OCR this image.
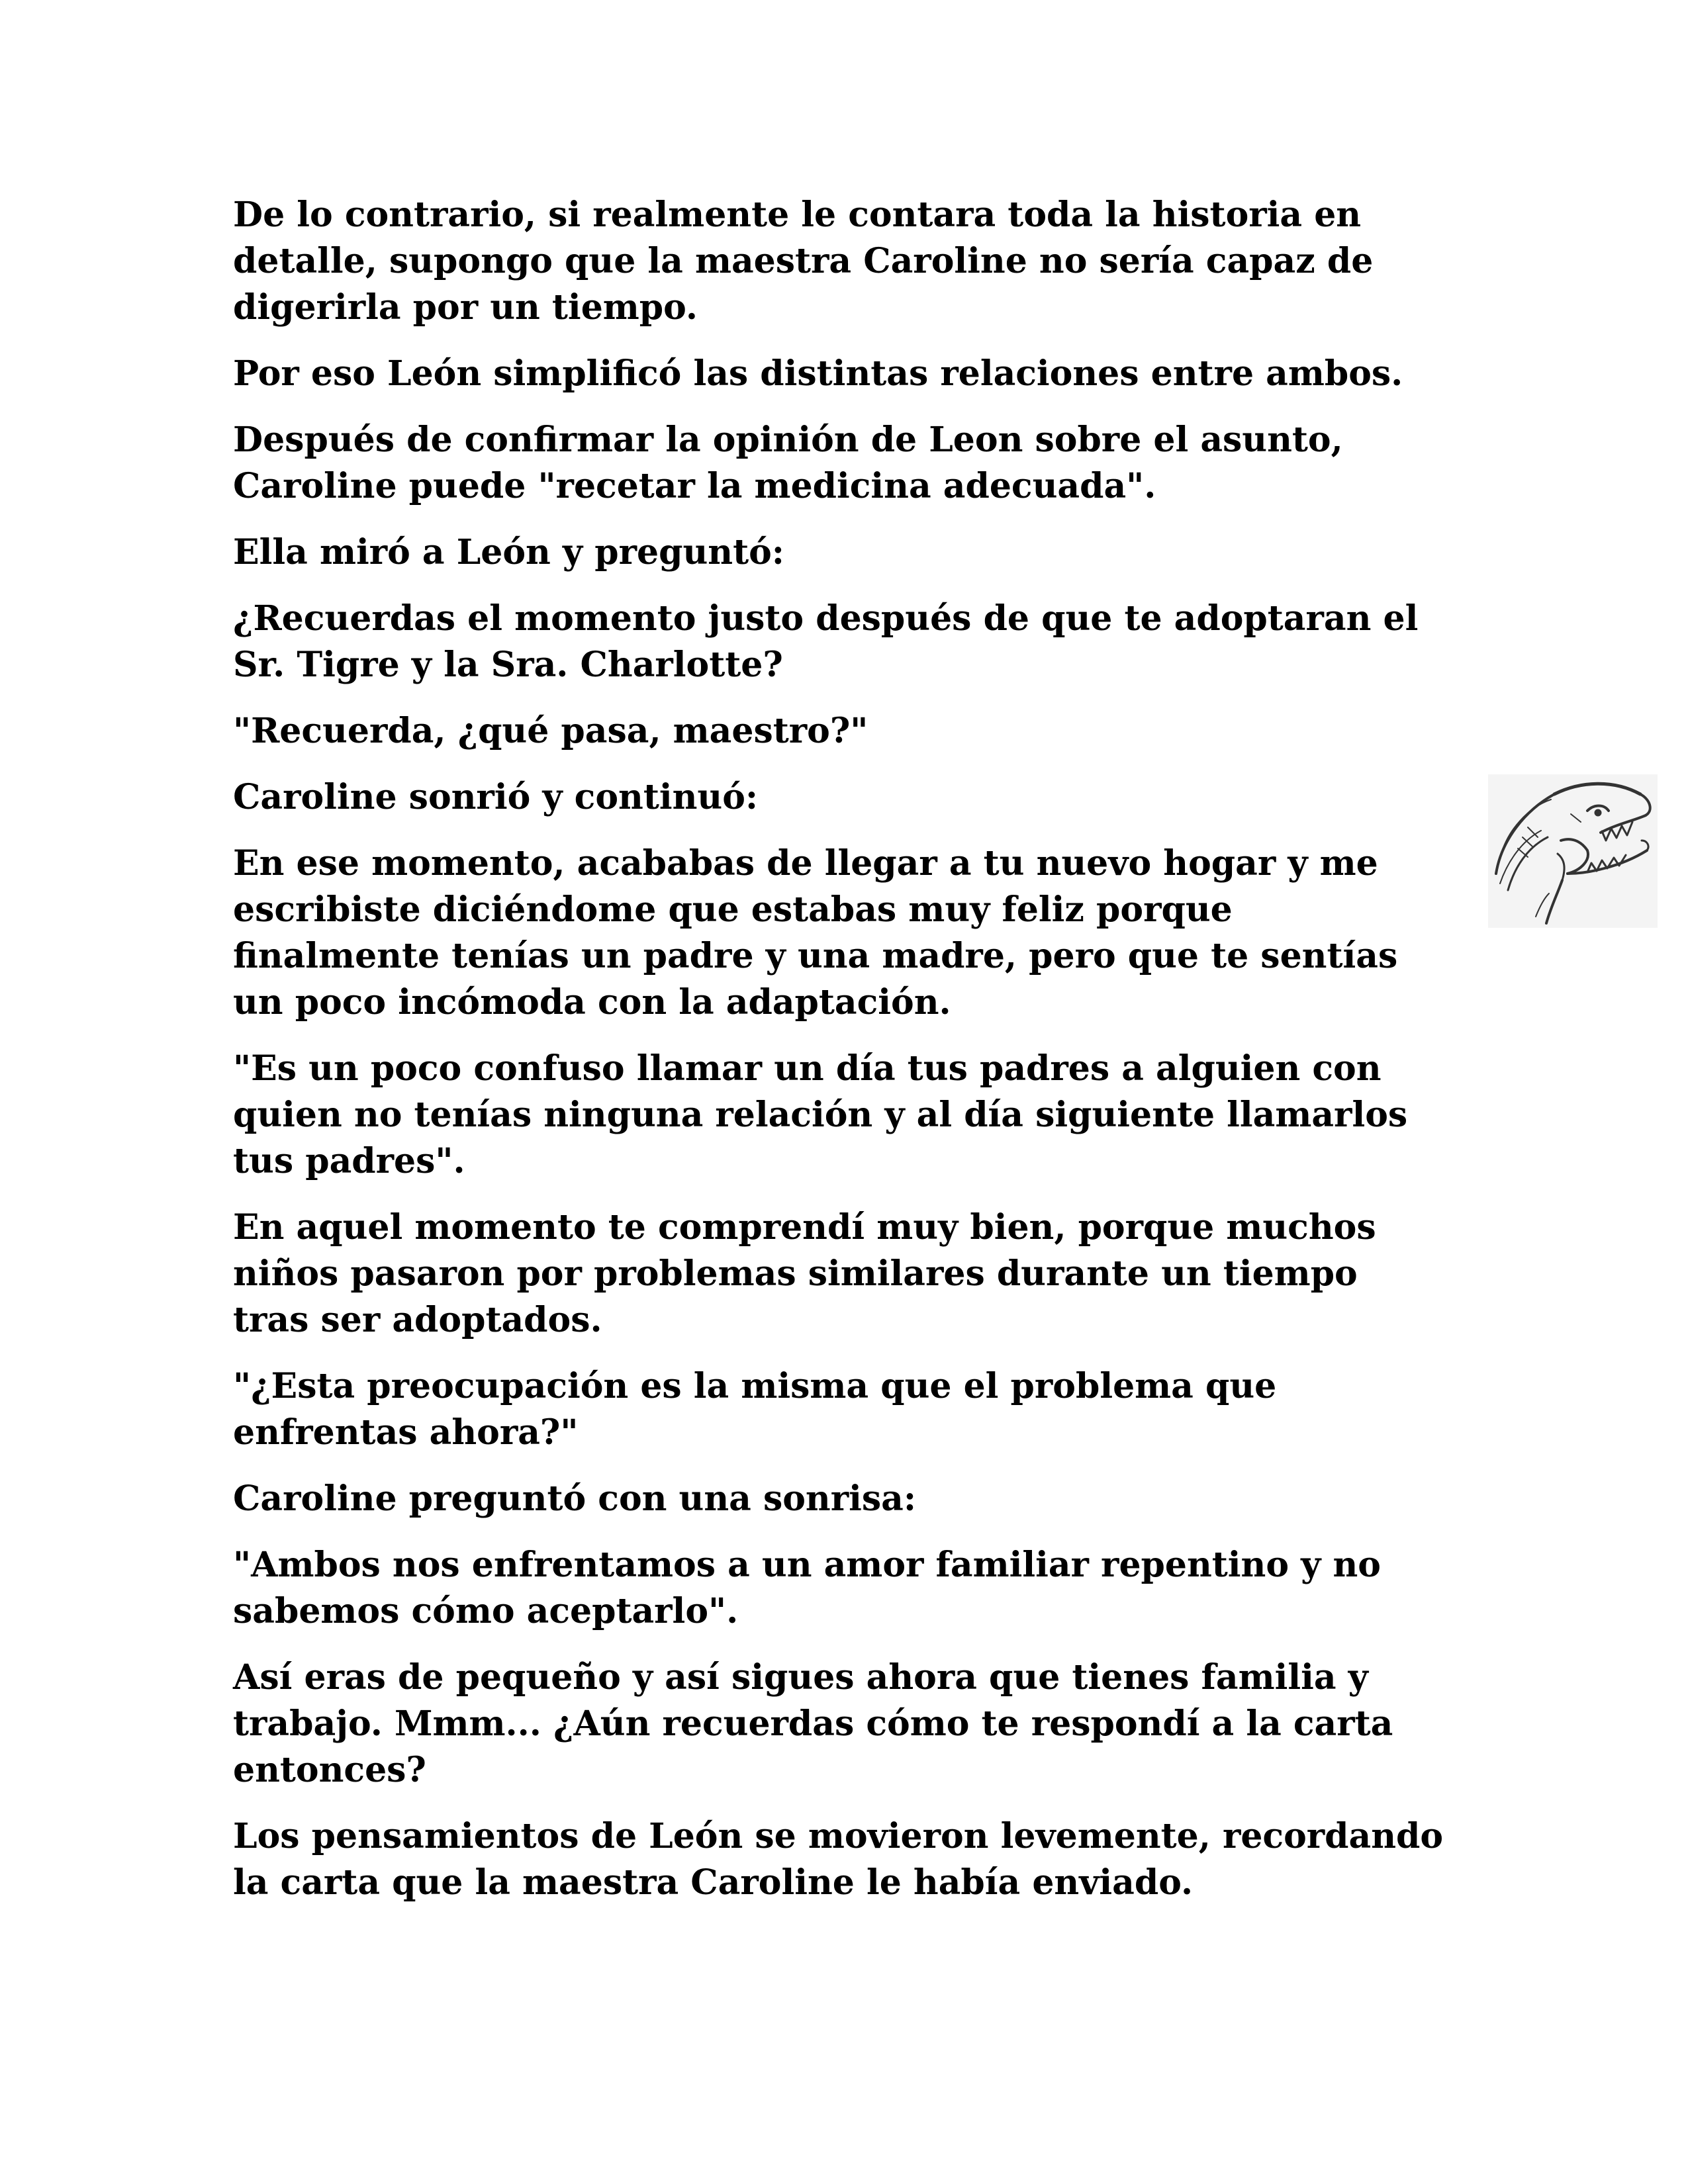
De lo contrario, si realmente le contara toda la historia en
detalle, supongo que la maestra Caroline no sería capaz de
digerirla por un tiempo.

Por eso León simplificó las distintas relaciones entre ambos.

Después de confirmar la opinión de Leon sobre el asunto,
Caroline puede "recetar la medicina adecuada".

Ella miró a León y preguntó:

¿Recuerdas el momento justo después de que te adoptaran el
Sr. Tigre y la Sra. Charlotte?

"Recuerda, ¿qué pasa, maestro?"

Caroline sonrió y continuó:

En ese momento, acababas de llegar a tu nuevo hogar y me
escribiste diciéndome que estabas muy feliz porque
finalmente tenías un padre y una madre, pero que te sentías
un poco incómoda con la adaptación.

"Es un poco confuso llamar un día tus padres a alguien con
quien no tenías ninguna relación y al día siguiente llamarlos
tus padres".

En aquel momento te comprendí muy bien, porque muchos
niños pasaron por problemas similares durante un tiempo
tras ser adoptados.

"¿Esta preocupación es la misma que el problema que
enfrentas ahora?"

Caroline preguntó con una sonrisa:

"Ambos nos enfrentamos a un amor familiar repentino y no
sabemos cómo aceptarlo".

Así eras de pequeño y así sigues ahora que tienes familia y
trabajo. Mmm... ¿Aún recuerdas cómo te respondí a la carta
entonces?

Los pensamientos de León se movieron levemente, recordando
la carta que la maestra Caroline le había enviado.
